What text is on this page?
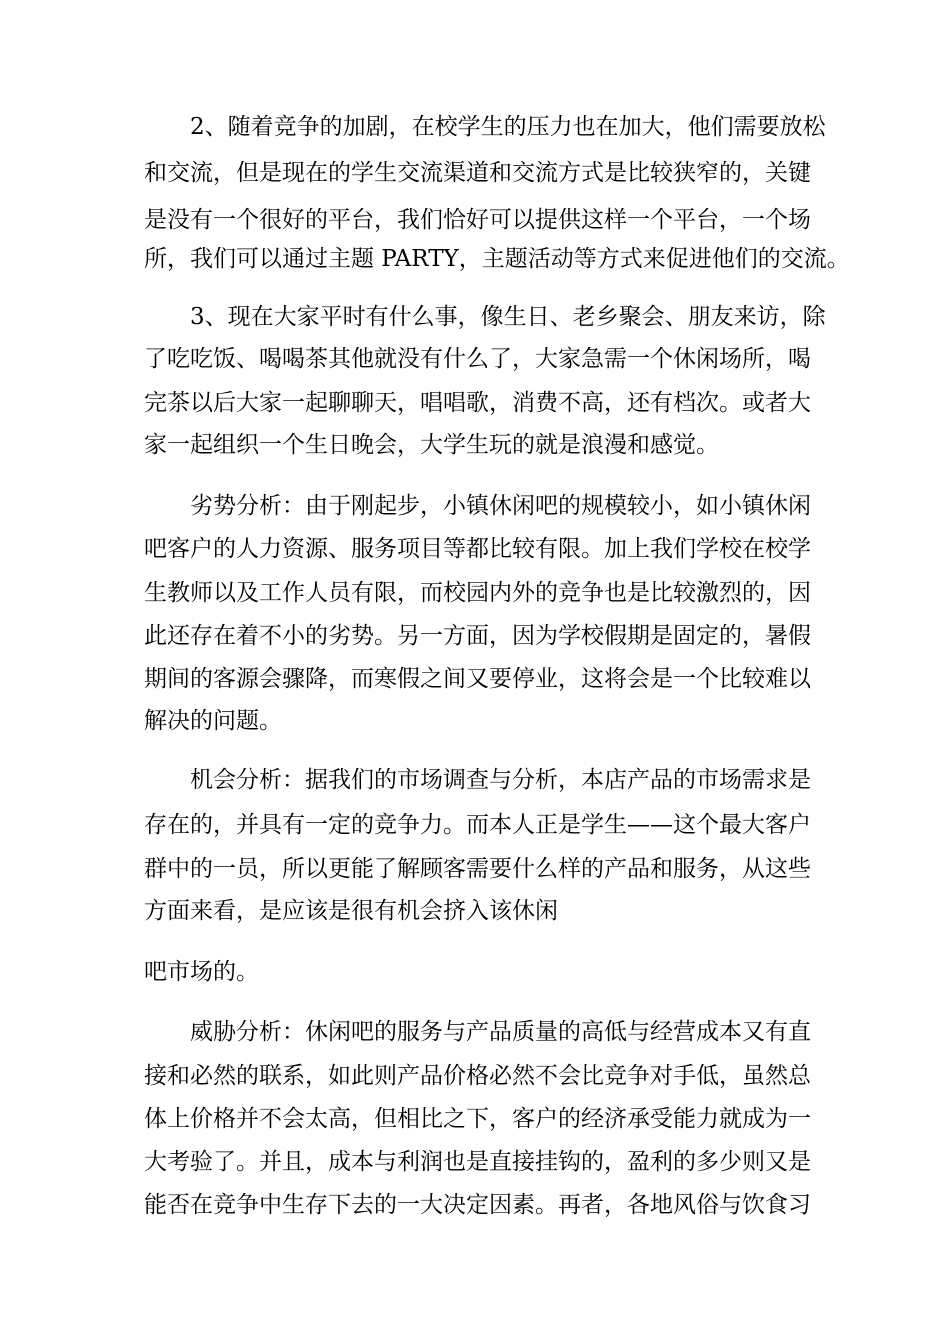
2、随着竞争的加剧，在校学生的压力也在加大，他们需要放松

和交流，但是现在的学生交流渠道和交流方式是比较狭窄的，关键

是没有一个很好的平台，我们恰好可以提供这样一个平台，一个场

所，我们可以通过主题 PARTY，主题活动等方式来促进他们的交流。

3、现在大家平时有什么事，像生日、老乡聚会、朋友来访，除

了吃吃饭、喝喝茶其他就没有什么了，大家急需一个休闲场所，喝

完茶以后大家一起聊聊天，唱唱歌，消费不高，还有档次。或者大

家一起组织一个生日晚会，大学生玩的就是浪漫和感觉。

劣势分析：由于刚起步，小镇休闲吧的规模较小，如小镇休闲

吧客户的人力资源、服务项目等都比较有限。加上我们学校在校学

生教师以及工作人员有限，而校园内外的竞争也是比较激烈的，因

此还存在着不小的劣势。另一方面，因为学校假期是固定的，暑假

期间的客源会骤降，而寒假之间又要停业，这将会是一个比较难以

解决的问题。

机会分析：据我们的市场调查与分析，本店产品的市场需求是

存在的，并具有一定的竞争力。而本人正是学生——这个最大客户

群中的一员，所以更能了解顾客需要什么样的产品和服务，从这些

方面来看，是应该是很有机会挤入该休闲

吧市场的。

威胁分析：休闲吧的服务与产品质量的高低与经营成本又有直

接和必然的联系，如此则产品价格必然不会比竞争对手低，虽然总

体上价格并不会太高，但相比之下，客户的经济承受能力就成为一

大考验了。并且，成本与利润也是直接挂钩的，盈利的多少则又是

能否在竞争中生存下去的一大决定因素。再者，各地风俗与饮食习
